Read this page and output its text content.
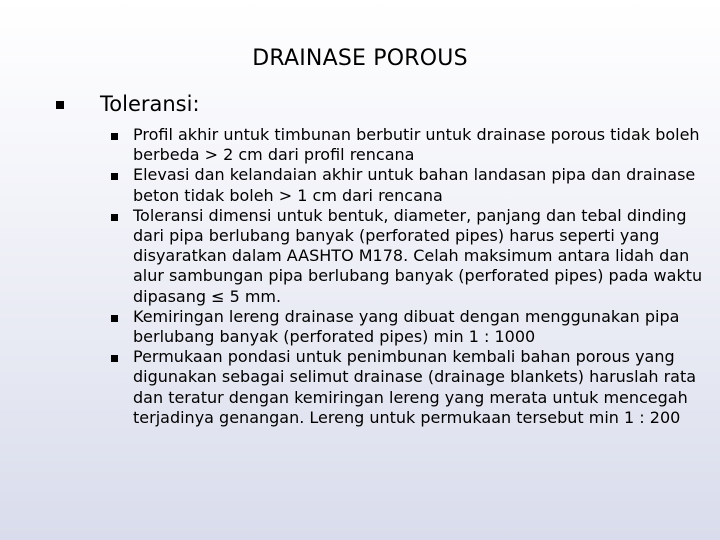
DRAINASE POROUS
Toleransi:
Profil akhir untuk timbunan berbutir untuk drainase porous tidak boleh berbeda > 2 cm dari profil rencana
Elevasi dan kelandaian akhir untuk bahan landasan pipa dan drainase beton tidak boleh > 1 cm dari rencana
Toleransi dimensi untuk bentuk, diameter, panjang dan tebal dinding dari pipa berlubang banyak (perforated pipes) harus seperti yang disyaratkan dalam AASHTO M178. Celah maksimum antara lidah dan alur sambungan pipa berlubang banyak (perforated pipes) pada waktu dipasang ≤ 5 mm.
Kemiringan lereng drainase yang dibuat dengan menggunakan pipa berlubang banyak (perforated pipes) min 1 : 1000
Permukaan pondasi untuk penimbunan kembali bahan porous yang digunakan sebagai selimut drainase (drainage blankets) haruslah rata dan teratur dengan kemiringan lereng yang merata untuk mencegah terjadinya genangan. Lereng untuk permukaan tersebut min 1 : 200
